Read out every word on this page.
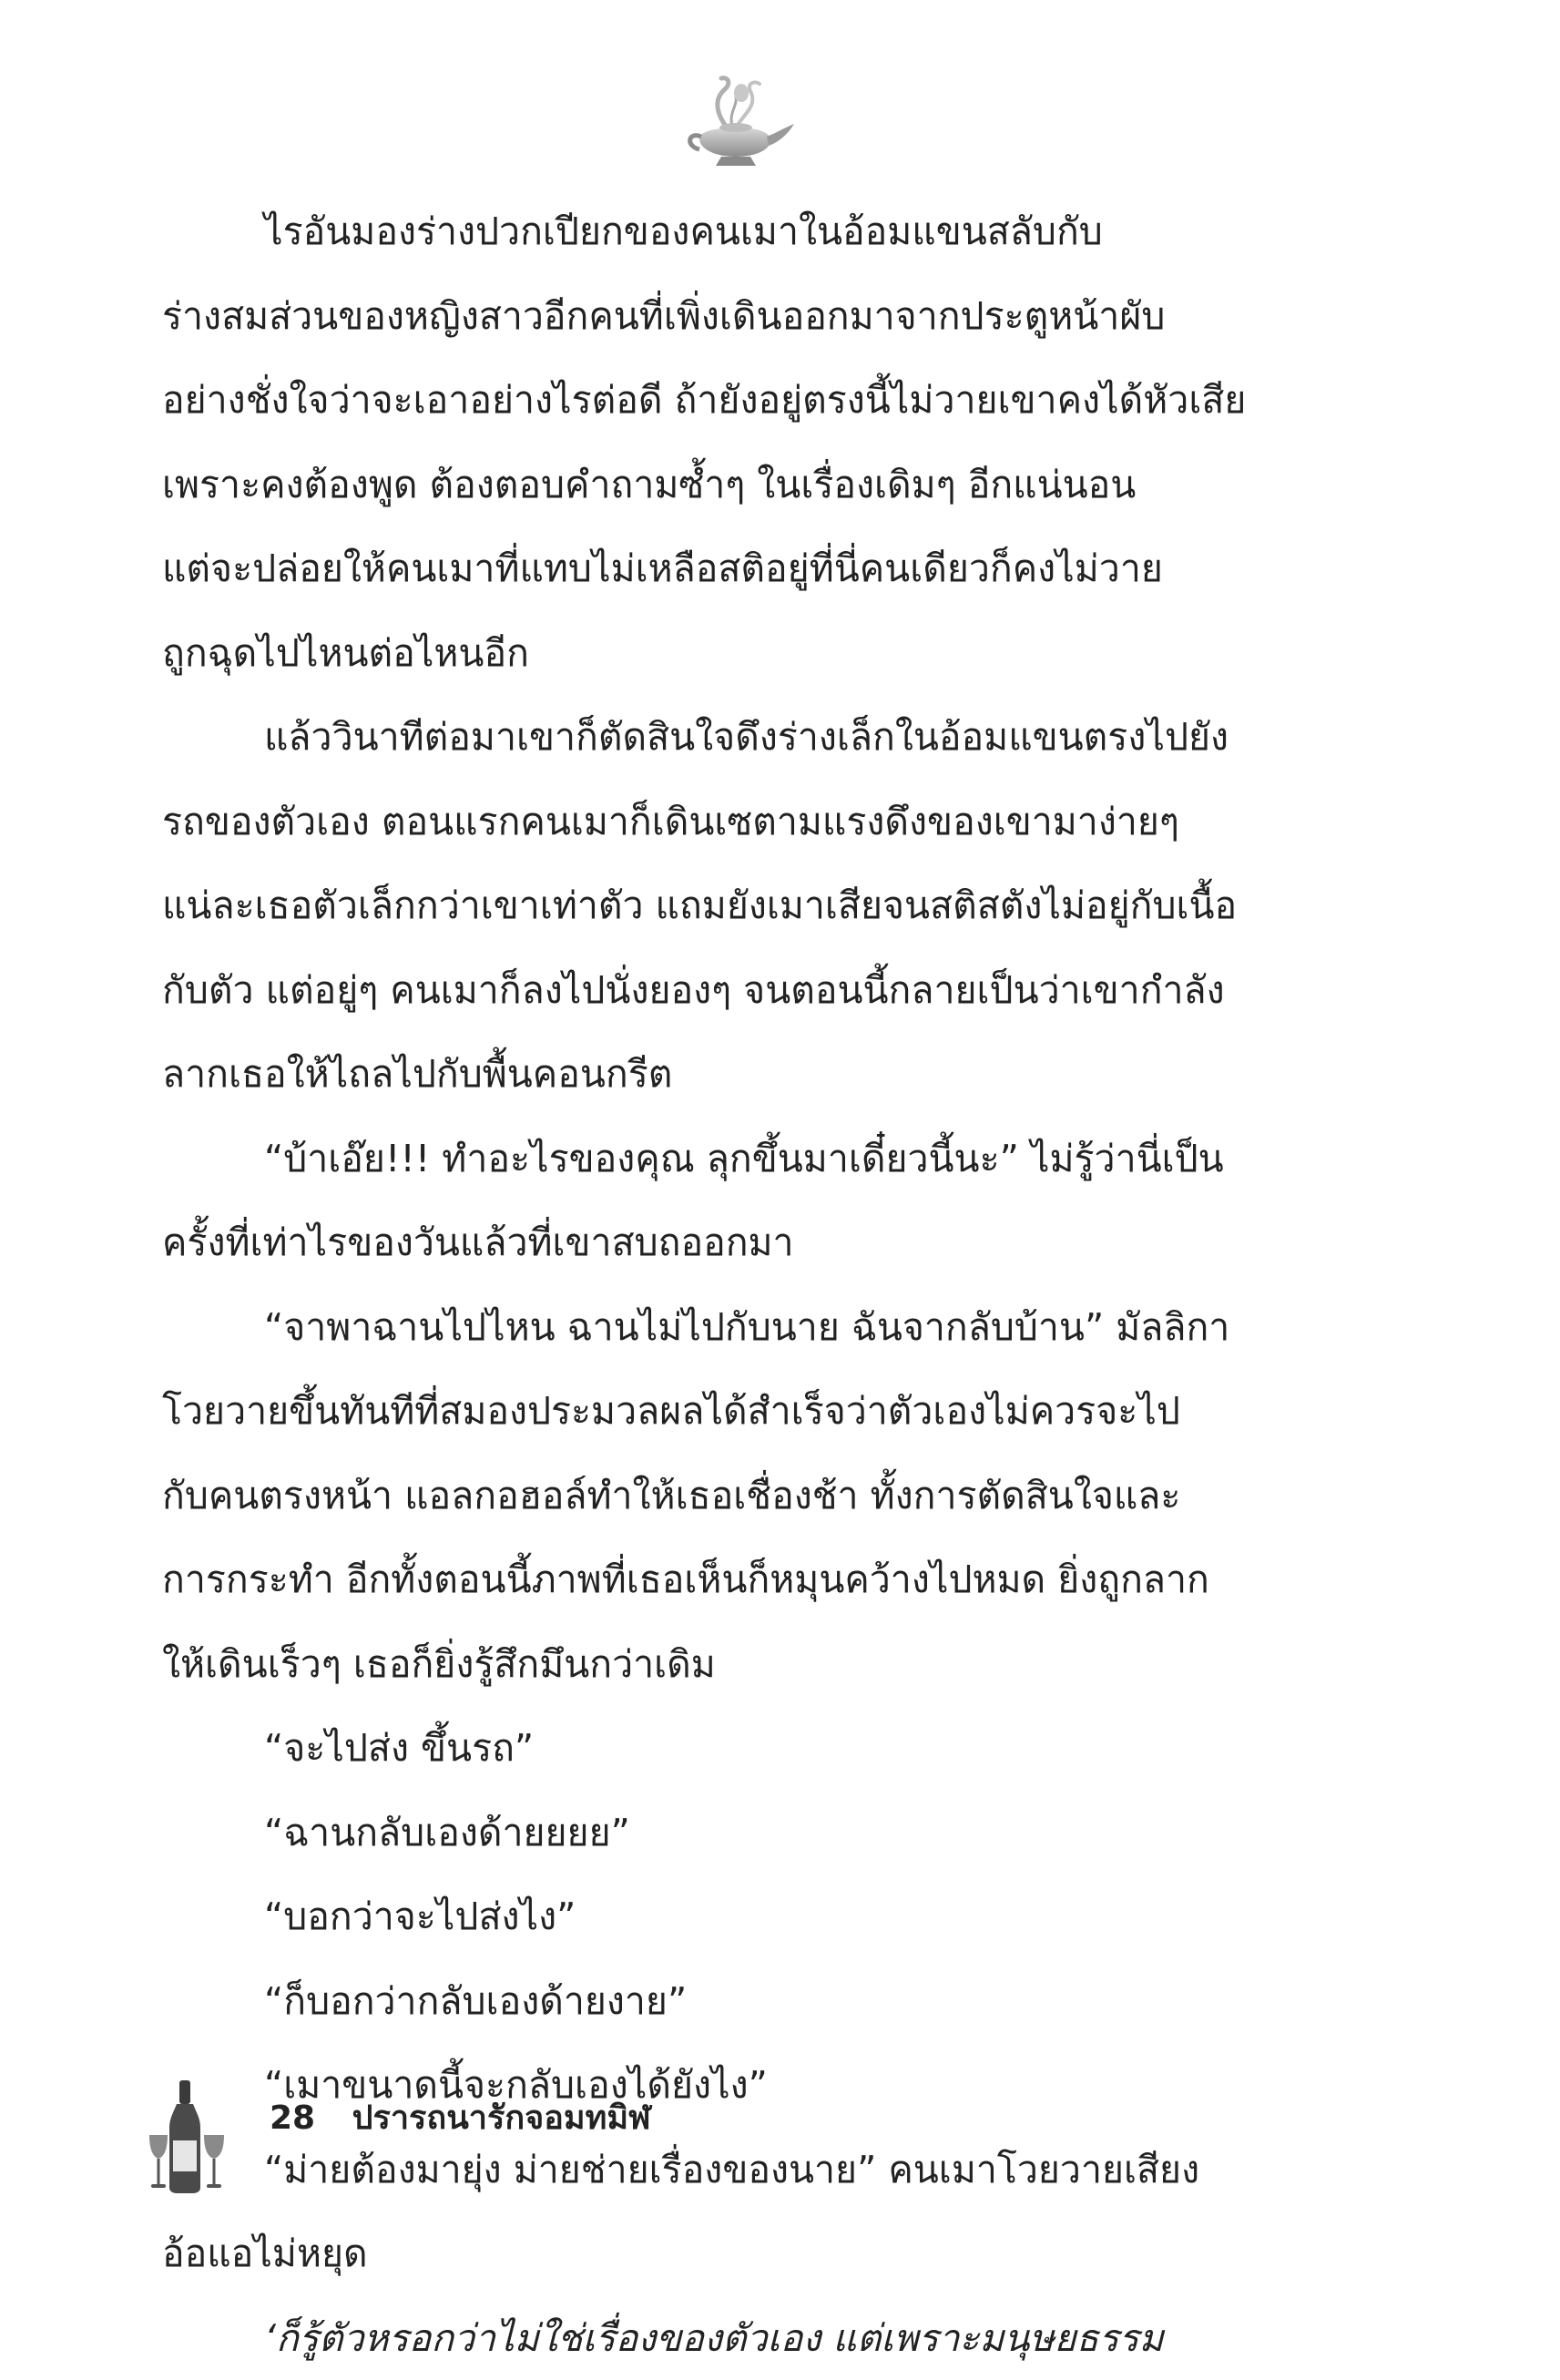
ไรอันมองร่างปวกเปียกของคนเมาในอ้อมแขนสลับกับ
ร่างสมส่วนของหญิงสาวอีกคนที่เพิ่งเดินออกมาจากประตูหน้าผับ
อย่างชั่งใจว่าจะเอาอย่างไรต่อดี ถ้ายังอยู่ตรงนี้ไม่วายเขาคงได้หัวเสีย
เพราะคงต้องพูด ต้องตอบคำถามซ้ำๆ ในเรื่องเดิมๆ อีกแน่นอน
แต่จะปล่อยให้คนเมาที่แทบไม่เหลือสติอยู่ที่นี่คนเดียวก็คงไม่วาย
ถูกฉุดไปไหนต่อไหนอีก
แล้ววินาทีต่อมาเขาก็ตัดสินใจดึงร่างเล็กในอ้อมแขนตรงไปยัง
รถของตัวเอง ตอนแรกคนเมาก็เดินเซตามแรงดึงของเขามาง่ายๆ
แน่ละเธอตัวเล็กกว่าเขาเท่าตัว แถมยังเมาเสียจนสติสตังไม่อยู่กับเนื้อ
กับตัว แต่อยู่ๆ คนเมาก็ลงไปนั่งยองๆ จนตอนนี้กลายเป็นว่าเขากำลัง
ลากเธอให้ไถลไปกับพื้นคอนกรีต
“บ้าเอ๊ย!!! ทำอะไรของคุณ ลุกขึ้นมาเดี๋ยวนี้นะ” ไม่รู้ว่านี่เป็น
ครั้งที่เท่าไรของวันแล้วที่เขาสบถออกมา
“จาพาฉานไปไหน ฉานไม่ไปกับนาย ฉันจากลับบ้าน” มัลลิกา
โวยวายขึ้นทันทีที่สมองประมวลผลได้สำเร็จว่าตัวเองไม่ควรจะไป
กับคนตรงหน้า แอลกอฮอล์ทำให้เธอเชื่องช้า ทั้งการตัดสินใจและ
การกระทำ อีกทั้งตอนนี้ภาพที่เธอเห็นก็หมุนคว้างไปหมด ยิ่งถูกลาก
ให้เดินเร็วๆ เธอก็ยิ่งรู้สึกมึนกว่าเดิม
“จะไปส่ง ขึ้นรถ”
“ฉานกลับเองด้ายยยย”
“บอกว่าจะไปส่งไง”
“ก็บอกว่ากลับเองด้ายงาย”
“เมาขนาดนี้จะกลับเองได้ยังไง”
“ม่ายต้องมายุ่ง ม่ายช่ายเรื่องของนาย” คนเมาโวยวายเสียง
อ้อแอไม่หยุด
‘ก็รู้ตัวหรอกว่าไม่ใช่เรื่องของตัวเอง แต่เพราะมนุษยธรรม
28 ปรารถนารักจอมทมิฬ
